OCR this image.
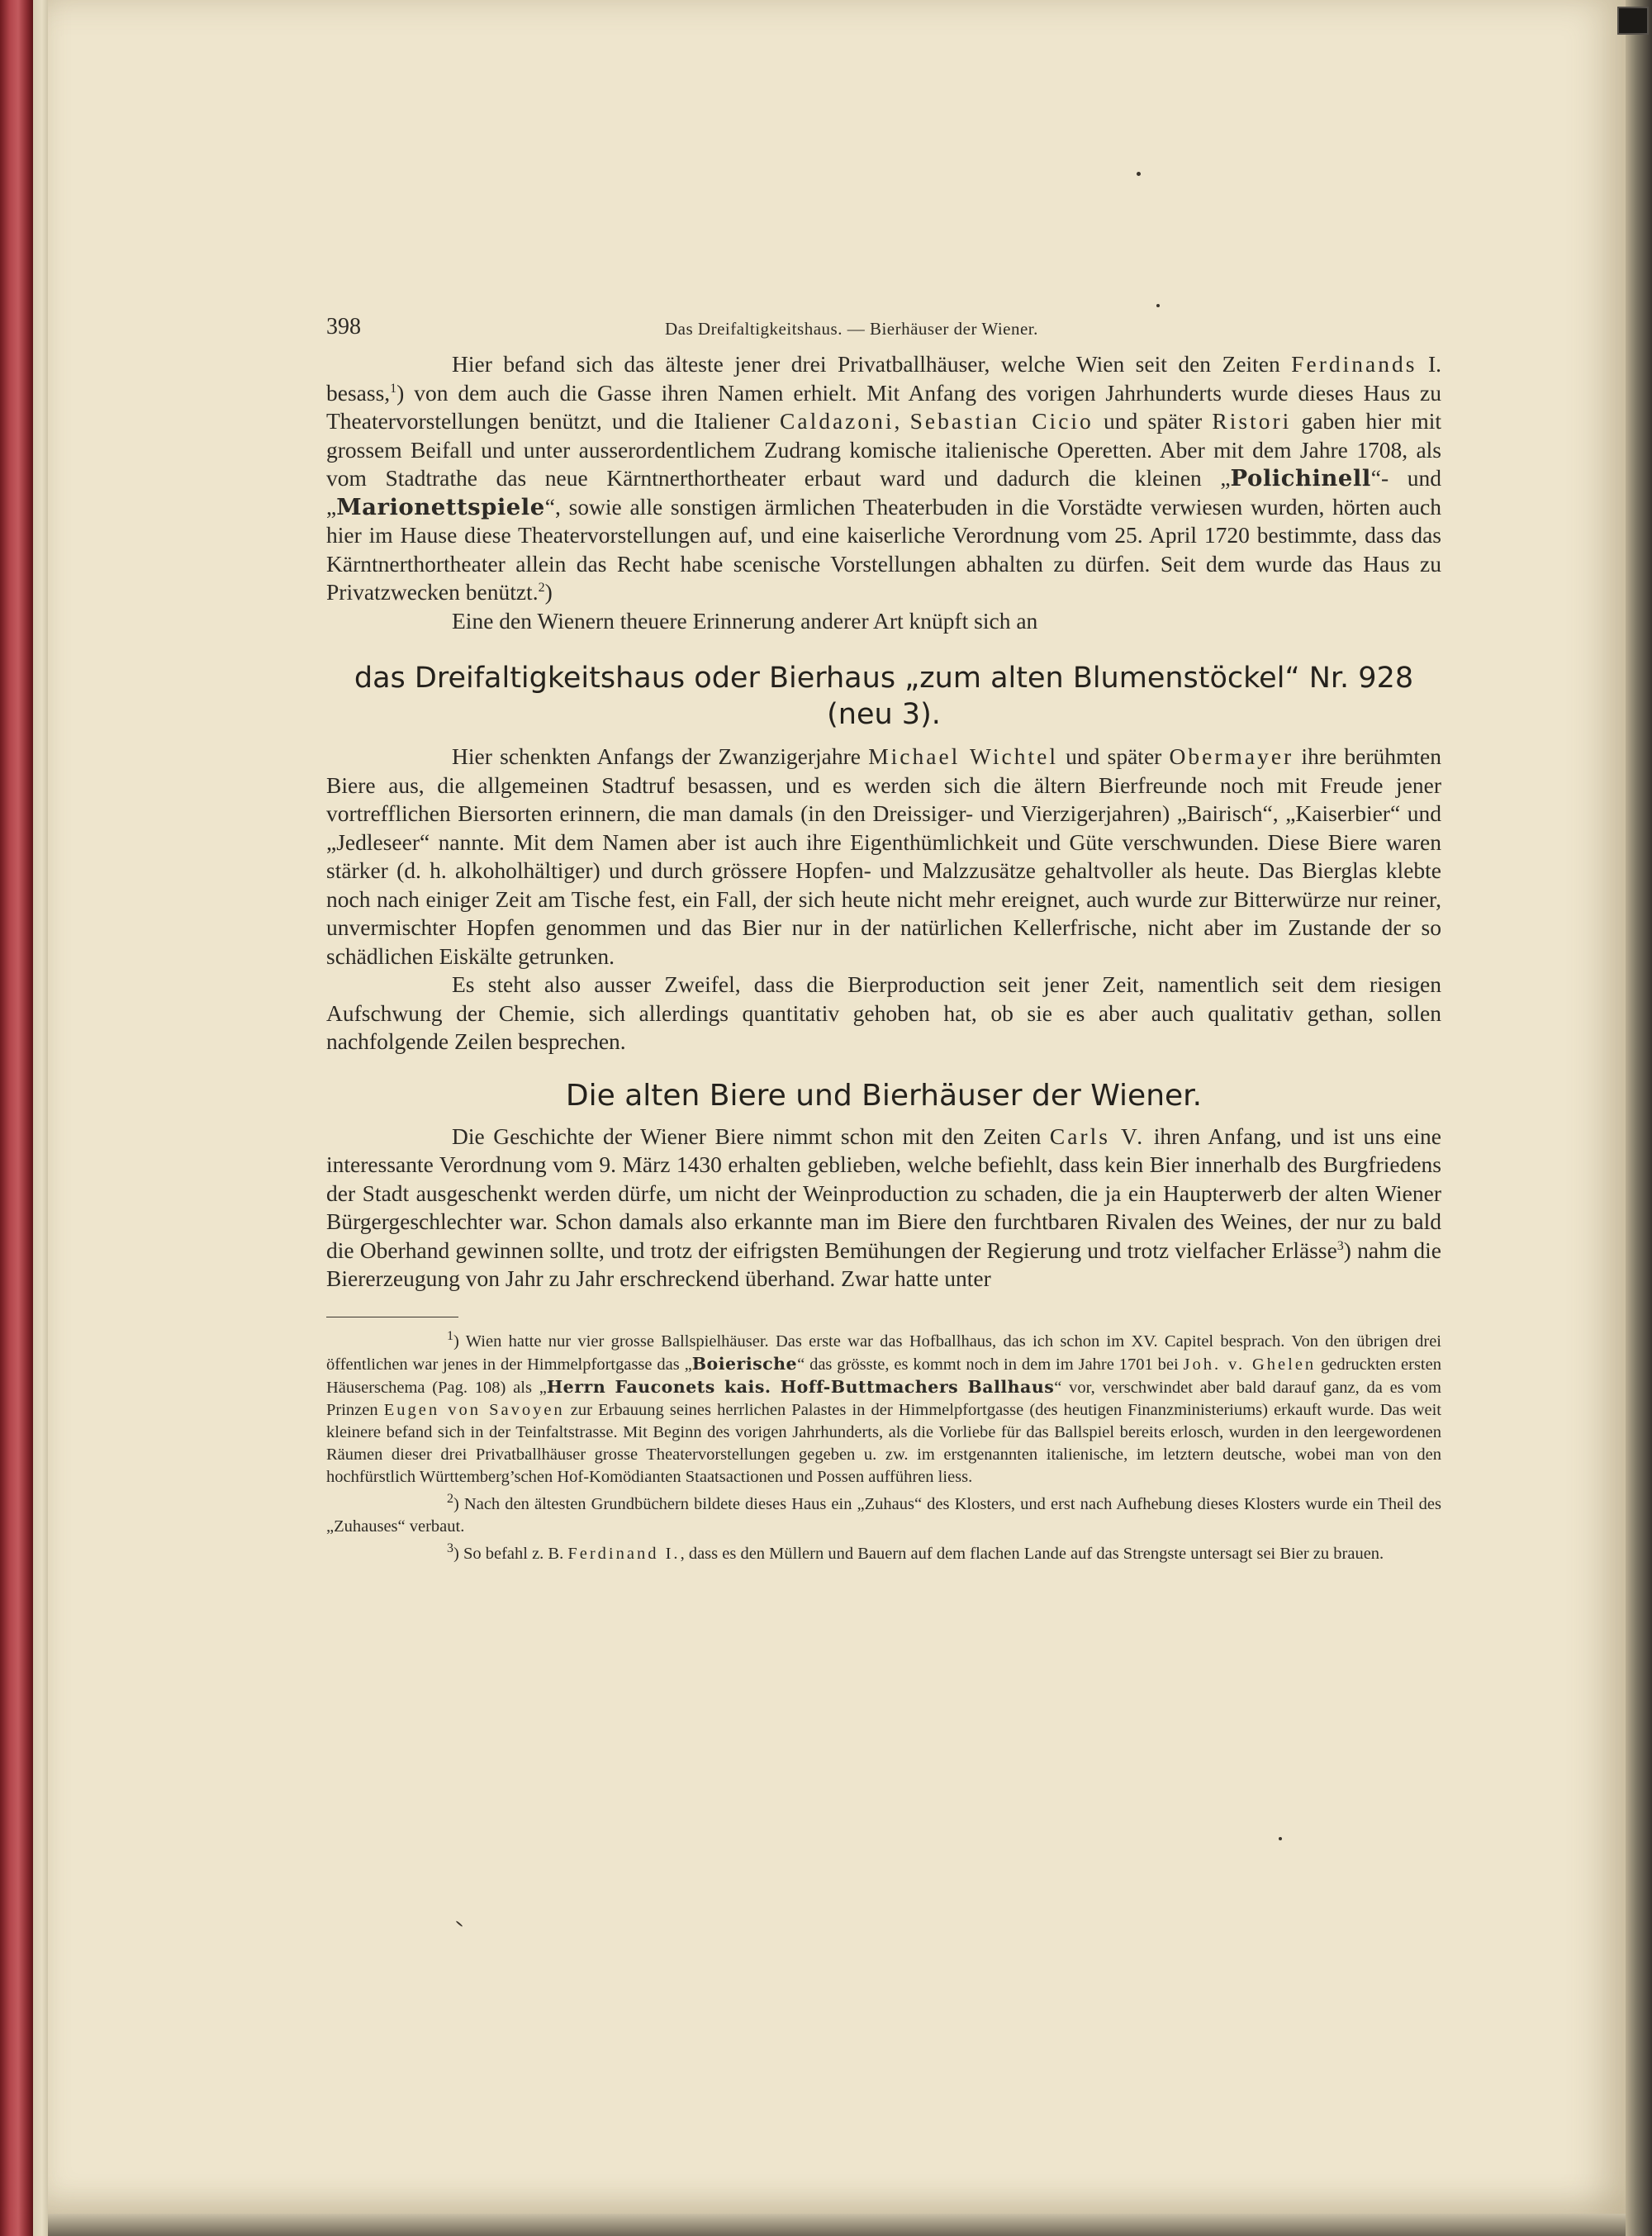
398	Das Dreifaltigkeitshaus. — Bierhäuser der Wiener.

Hier befand sich das älteste jener drei Privatballhäuser, welche Wien seit den Zeiten Ferdinands I. besass,$^1$) von dem auch die Gasse ihren Namen erhielt. Mit Anfang des vorigen Jahrhunderts wurde dieses Haus zu Theatervorstellungen benützt, und die Italiener Caldazoni, Sebastian Cicio und später Ristori gaben hier mit grossem Beifall und unter ausserordentlichem Zudrang komische italienische Operetten. Aber mit dem Jahre 1708, als vom Stadtrathe das neue Kärntnerthortheater erbaut ward und dadurch die kleinen „Polichinell“- und „Marionettspiele“, sowie alle sonstigen ärmlichen Theaterbuden in die Vorstädte verwiesen wurden, hörten auch hier im Hause diese Theatervorstellungen auf, und eine kaiserliche Verordnung vom 25. April 1720 bestimmte, dass das Kärntnerthortheater allein das Recht habe scenische Vorstellungen abhalten zu dürfen. Seit dem wurde das Haus zu Privatzwecken benützt.$^2$)

Eine den Wienern theuere Erinnerung anderer Art knüpft sich an

das Dreifaltigkeitshaus oder Bierhaus „zum alten Blumenstöckel“ Nr. 928
(neu 3).

Hier schenkten Anfangs der Zwanzigerjahre Michael Wichtel und später Obermayer ihre berühmten Biere aus, die allgemeinen Stadtruf besassen, und es werden sich die ältern Bierfreunde noch mit Freude jener vortrefflichen Biersorten erinnern, die man damals (in den Dreissiger- und Vierzigerjahren) „Bairisch“, „Kaiserbier“ und „Jedleseer“ nannte. Mit dem Namen aber ist auch ihre Eigenthümlichkeit und Güte verschwunden. Diese Biere waren stärker (d. h. alkoholhältiger) und durch grössere Hopfen- und Malzzusätze gehaltvoller als heute. Das Bierglas klebte noch nach einiger Zeit am Tische fest, ein Fall, der sich heute nicht mehr ereignet, auch wurde zur Bitterwürze nur reiner, unvermischter Hopfen genommen und das Bier nur in der natürlichen Kellerfrische, nicht aber im Zustande der so schädlichen Eiskälte getrunken.

Es steht also ausser Zweifel, dass die Bierproduction seit jener Zeit, namentlich seit dem riesigen Aufschwung der Chemie, sich allerdings quantitativ gehoben hat, ob sie es aber auch qualitativ gethan, sollen nachfolgende Zeilen besprechen.

Die alten Biere und Bierhäuser der Wiener.

Die Geschichte der Wiener Biere nimmt schon mit den Zeiten Carls V. ihren Anfang, und ist uns eine interessante Verordnung vom 9. März 1430 erhalten geblieben, welche befiehlt, dass kein Bier innerhalb des Burgfriedens der Stadt ausgeschenkt werden dürfe, um nicht der Weinproduction zu schaden, die ja ein Haupterwerb der alten Wiener Bürgergeschlechter war. Schon damals also erkannte man im Biere den furchtbaren Rivalen des Weines, der nur zu bald die Oberhand gewinnen sollte, und trotz der eifrigsten Bemühungen der Regierung und trotz vielfacher Erlässe$^3$) nahm die Biererzeugung von Jahr zu Jahr erschreckend überhand. Zwar hatte unter

$^1$) Wien hatte nur vier grosse Ballspielhäuser. Das erste war das Hofballhaus, das ich schon im XV. Capitel besprach. Von den übrigen drei öffentlichen war jenes in der Himmelpfortgasse das „Boierische“ das grösste, es kommt noch in dem im Jahre 1701 bei Joh. v. Ghelen gedruckten ersten Häuserschema (Pag. 108) als „Herrn Fauconets kais. Hoff-Buttmachers Ballhaus“ vor, verschwindet aber bald darauf ganz, da es vom Prinzen Eugen von Savoyen zur Erbauung seines herrlichen Palastes in der Himmelpfortgasse (des heutigen Finanzministeriums) erkauft wurde. Das weit kleinere befand sich in der Teinfaltstrasse. Mit Beginn des vorigen Jahrhunderts, als die Vorliebe für das Ballspiel bereits erlosch, wurden in den leergewordenen Räumen dieser drei Privatballhäuser grosse Theatervorstellungen gegeben u. zw. im erstgenannten italienische, im letztern deutsche, wobei man von den hochfürstlich Württemberg’schen Hof-Komödianten Staatsactionen und Possen aufführen liess.

$^2$) Nach den ältesten Grundbüchern bildete dieses Haus ein „Zuhaus“ des Klosters, und erst nach Aufhebung dieses Klosters wurde ein Theil des „Zuhauses“ verbaut.

$^3$) So befahl z. B. Ferdinand I., dass es den Müllern und Bauern auf dem flachen Lande auf das Strengste untersagt sei Bier zu brauen.
